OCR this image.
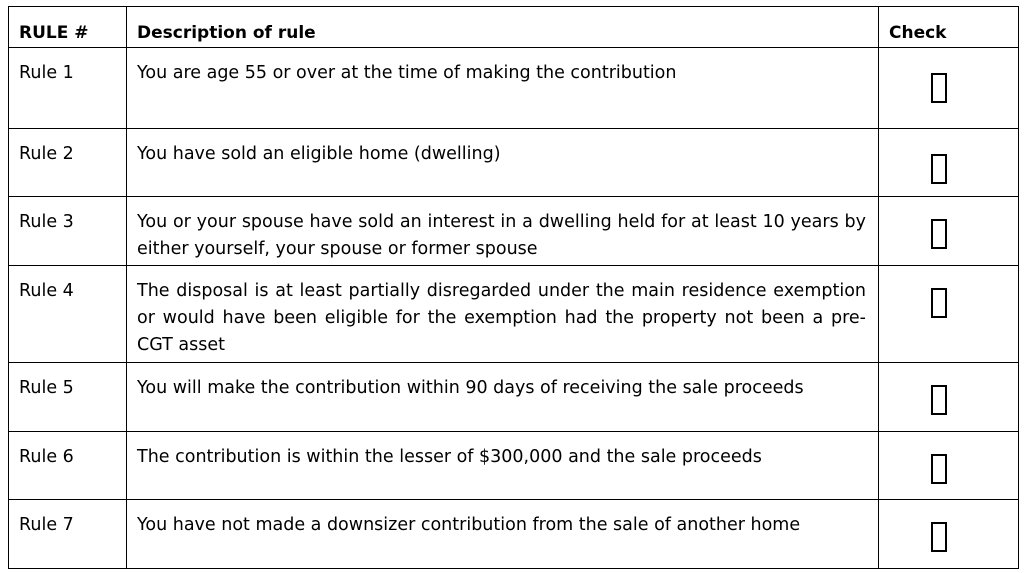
RULE #	Description of rule	Check

Rule 1	You are age 55 or over at the time of making the contribution	

Rule 2	You have sold an eligible home (dwelling)	

Rule 3	You or your spouse have sold an interest in a dwelling held for at least 10 years by either yourself, your spouse or former spouse	

Rule 4	The disposal is at least partially disregarded under the main residence exemption or would have been eligible for the exemption had the property not been a pre-CGT asset	

Rule 5	You will make the contribution within 90 days of receiving the sale proceeds	

Rule 6	The contribution is within the lesser of $300,000 and the sale proceeds	

Rule 7	You have not made a downsizer contribution from the sale of another home	
